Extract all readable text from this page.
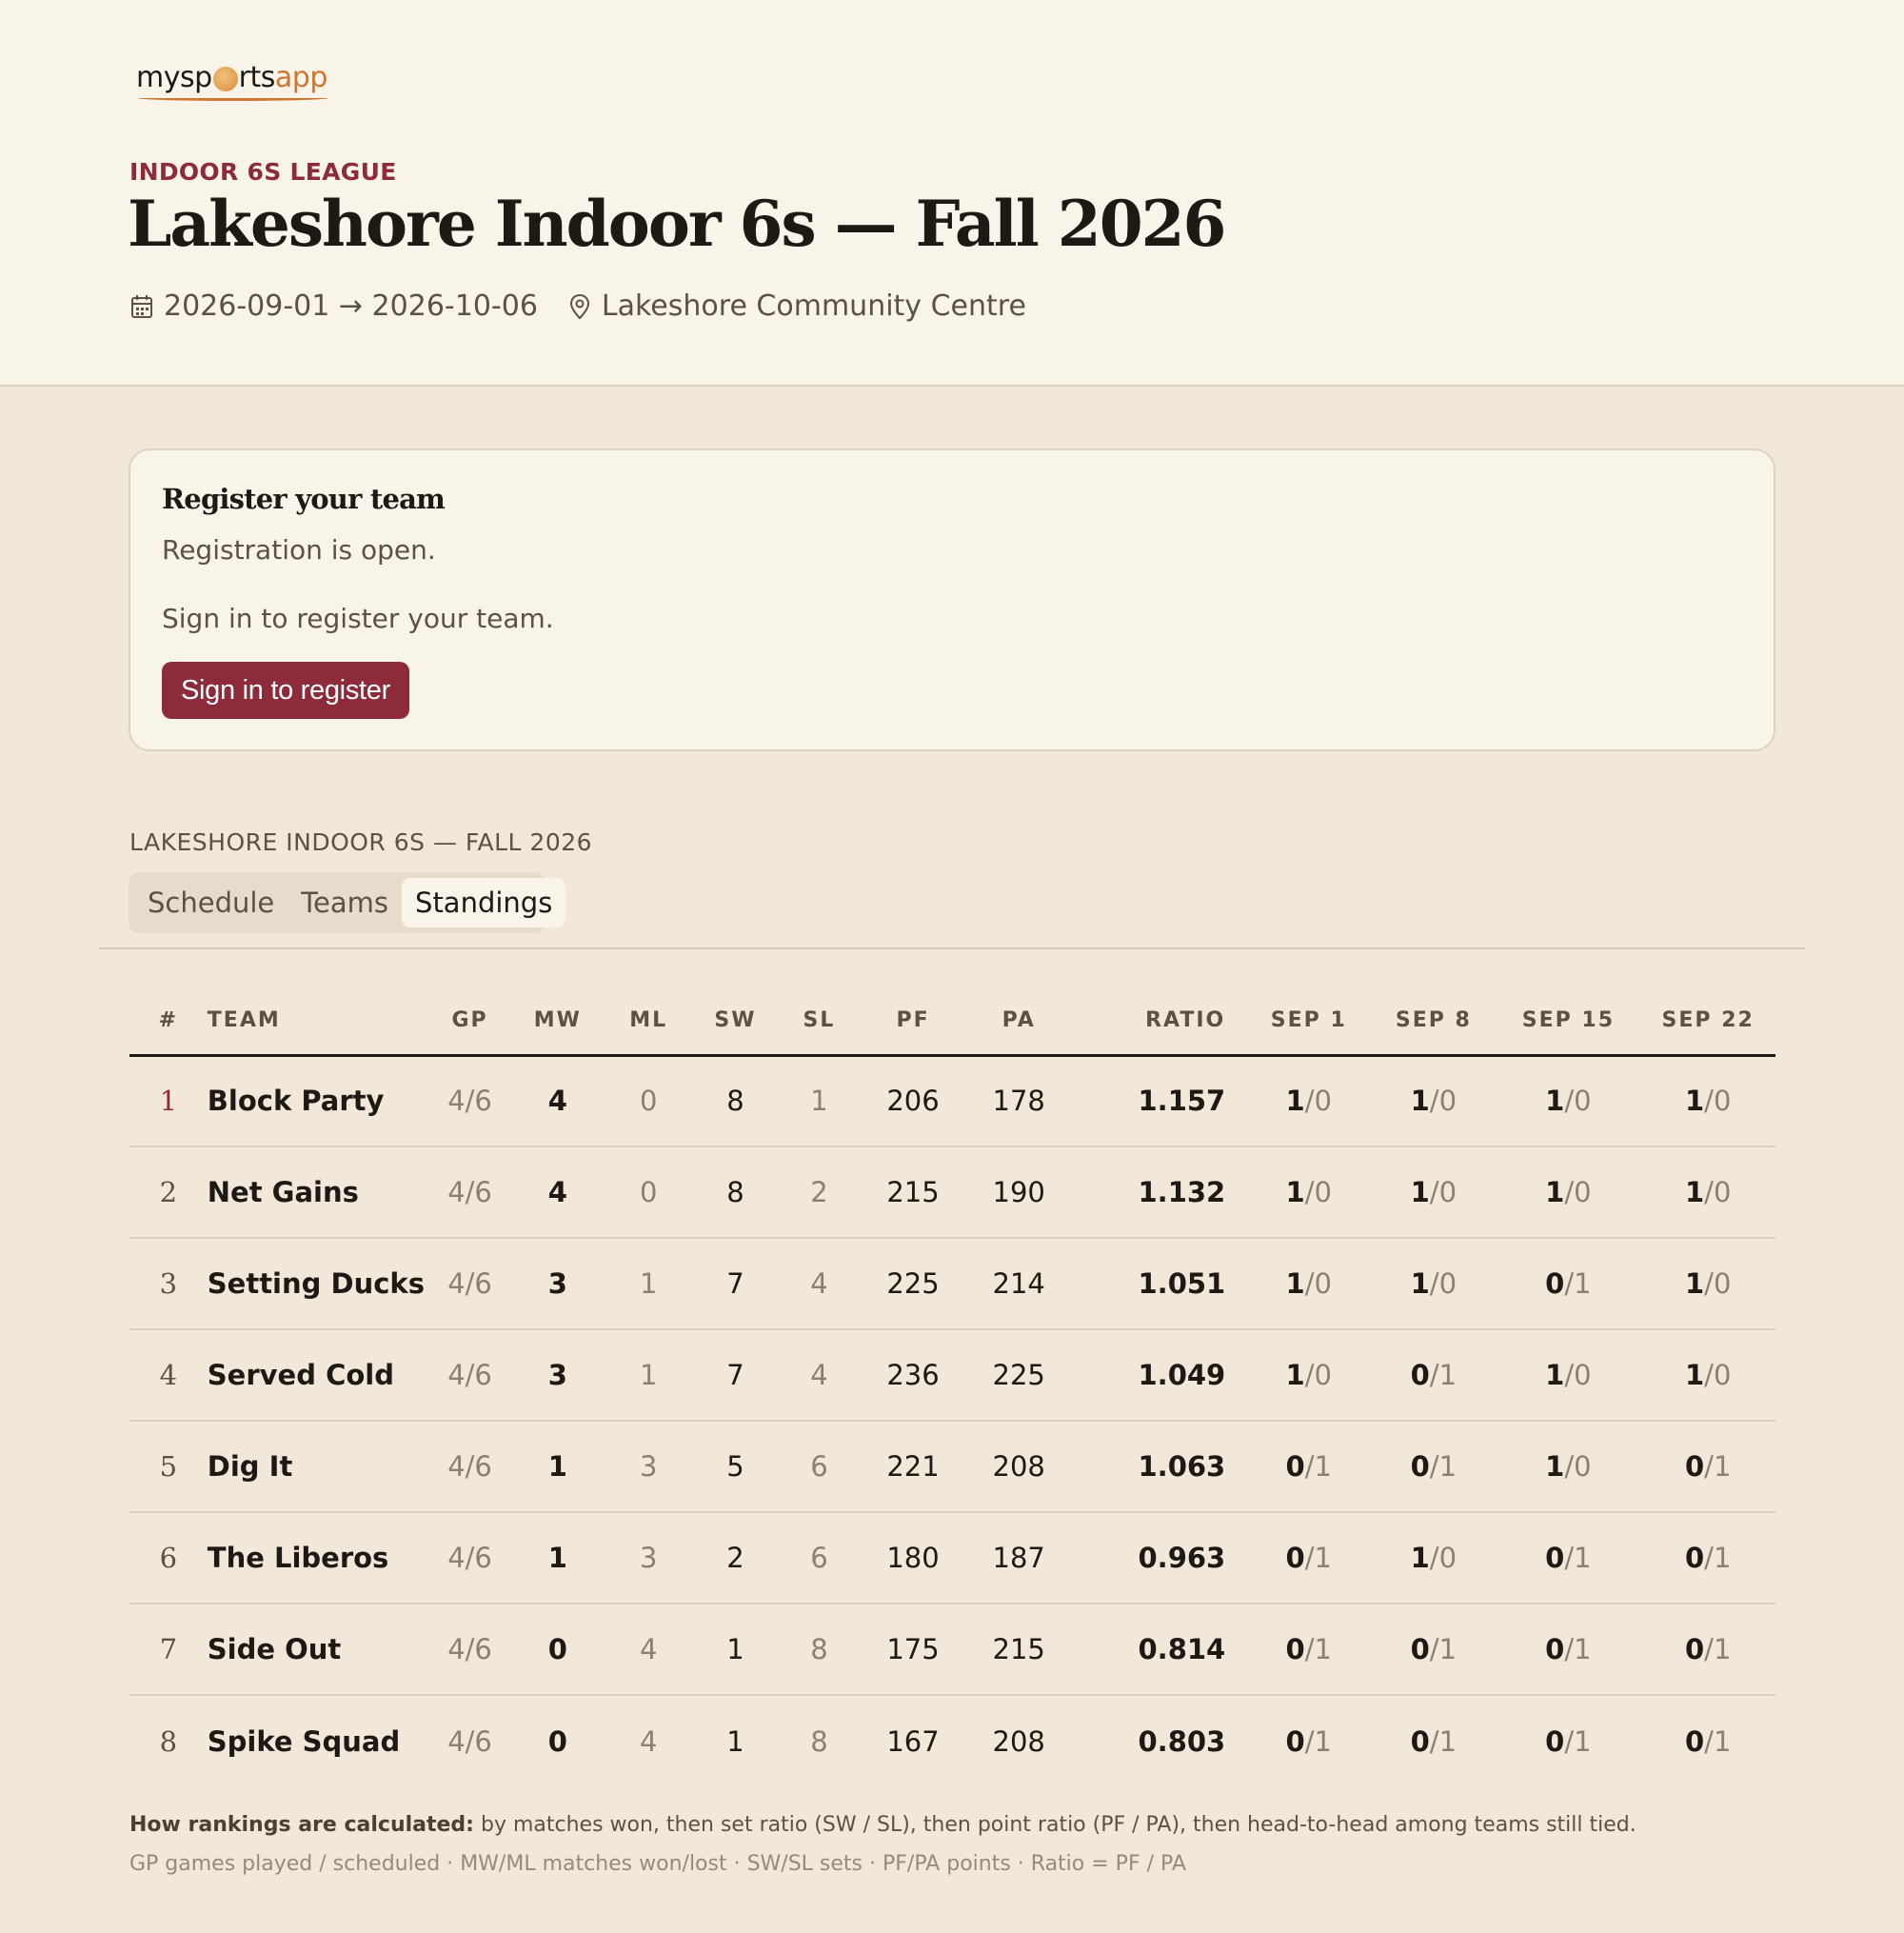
mysp rts app
INDOOR 6S LEAGUE
Lakeshore Indoor 6s — Fall 2026
2026-09-01 → 2026-10-06 Lakeshore Community Centre
Register your team
Registration is open.
Sign in to register your team.
Sign in to register
LAKESHORE INDOOR 6S — FALL 2026
Schedule Teams Standings
#	TEAM	GP	MW	ML	SW	SL	PF	PA	RATIO	SEP 1	SEP 8	SEP 15	SEP 22
1	Block Party	4/6	4	0	8	1	206	178	1.157	1/0	1/0	1/0	1/0
2	Net Gains	4/6	4	0	8	2	215	190	1.132	1/0	1/0	1/0	1/0
3	Setting Ducks	4/6	3	1	7	4	225	214	1.051	1/0	1/0	0/1	1/0
4	Served Cold	4/6	3	1	7	4	236	225	1.049	1/0	0/1	1/0	1/0
5	Dig It	4/6	1	3	5	6	221	208	1.063	0/1	0/1	1/0	0/1
6	The Liberos	4/6	1	3	2	6	180	187	0.963	0/1	1/0	0/1	0/1
7	Side Out	4/6	0	4	1	8	175	215	0.814	0/1	0/1	0/1	0/1
8	Spike Squad	4/6	0	4	1	8	167	208	0.803	0/1	0/1	0/1	0/1
How rankings are calculated: by matches won, then set ratio (SW / SL), then point ratio (PF / PA), then head-to-head among teams still tied.
GP games played / scheduled · MW/ML matches won/lost · SW/SL sets · PF/PA points · Ratio = PF / PA
